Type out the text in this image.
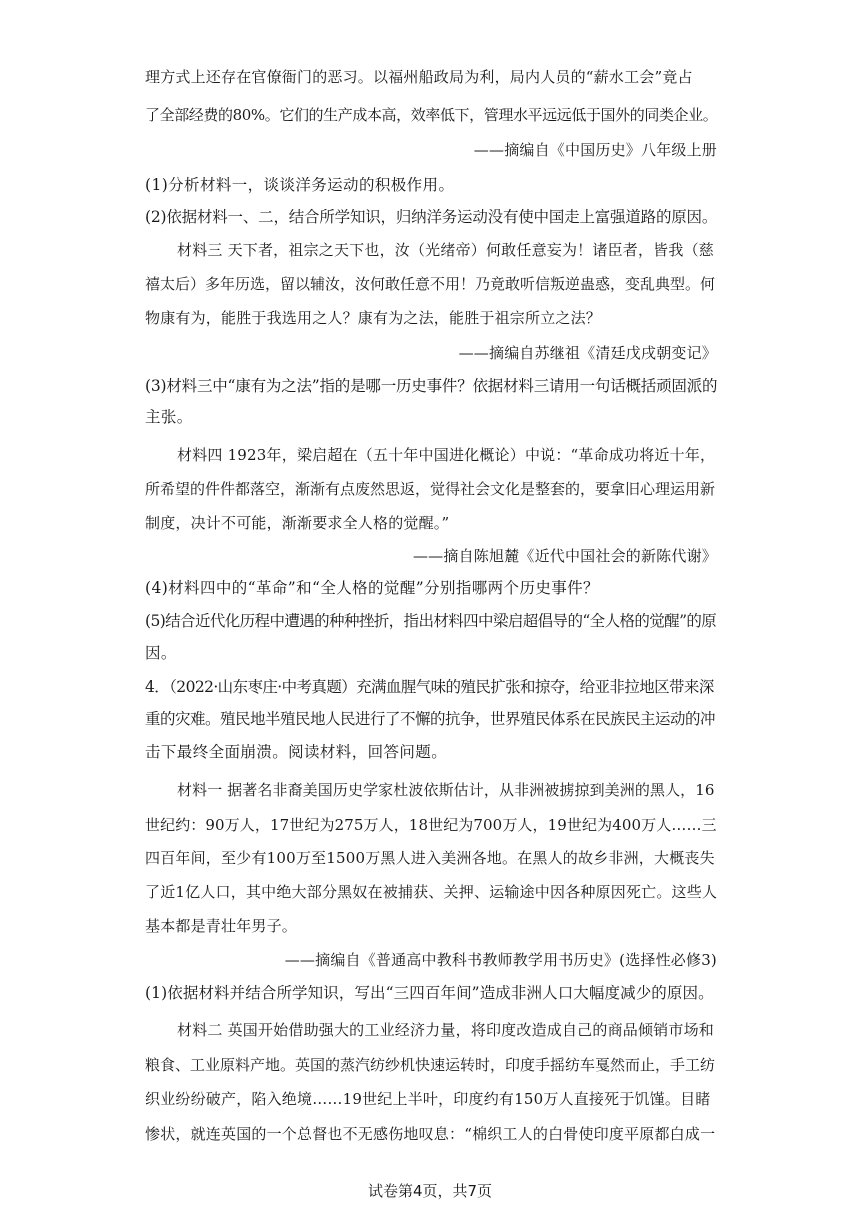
理方式上还存在官僚衙门的恶习。以福州船政局为利，局内人员的“薪水工会”竟占
了全部经费的80%。它们的生产成本高，效率低下，管理水平远远低于国外的同类企业。
——摘编自《中国历史》八年级上册
(1)分析材料一，谈谈洋务运动的积极作用。
(2)依据材料一、二，结合所学知识，归纳洋务运动没有使中国走上富强道路的原因。
材料三 天下者，祖宗之天下也，汝（光绪帝）何敢任意妄为！诸臣者，皆我（慈
禧太后）多年历选，留以辅汝，汝何敢任意不用！乃竟敢听信叛逆蛊惑，变乱典型。何
物康有为，能胜于我选用之人？康有为之法，能胜于祖宗所立之法？
——摘编自苏继祖《清廷戊戌朝变记》
(3)材料三中“康有为之法”指的是哪一历史事件？依据材料三请用一句话概括顽固派的
主张。
材料四 1923年，梁启超在（五十年中国进化概论）中说：“革命成功将近十年，
所希望的件件都落空，渐渐有点废然思返，觉得社会文化是整套的，要拿旧心理运用新
制度，决计不可能，渐渐要求全人格的觉醒。”
——摘自陈旭麓《近代中国社会的新陈代谢》
(4)材料四中的“革命”和“全人格的觉醒”分别指哪两个历史事件？
(5)结合近代化历程中遭遇的种种挫折，指出材料四中梁启超倡导的“全人格的觉醒”的原
因。
4．（2022·山东枣庄·中考真题）充满血腥气味的殖民扩张和掠夺，给亚非拉地区带来深
重的灾难。殖民地半殖民地人民进行了不懈的抗争，世界殖民体系在民族民主运动的冲
击下最终全面崩溃。阅读材料，回答问题。
材料一 据著名非裔美国历史学家杜波依斯估计，从非洲被掳掠到美洲的黑人，16
世纪约：90万人，17世纪为275万人，18世纪为700万人，19世纪为400万人……三
四百年间，至少有100万至1500万黑人进入美洲各地。在黑人的故乡非洲，大概丧失
了近1亿人口，其中绝大部分黑奴在被捕获、关押、运输途中因各种原因死亡。这些人
基本都是青壮年男子。
——摘编自《普通高中教科书教师教学用书历史》(选择性必修3)
(1)依据材料并结合所学知识，写出“三四百年间”造成非洲人口大幅度减少的原因。
材料二 英国开始借助强大的工业经济力量，将印度改造成自己的商品倾销市场和
粮食、工业原料产地。英国的蒸汽纺纱机快速运转时，印度手摇纺车戛然而止，手工纺
织业纷纷破产，陷入绝境……19世纪上半叶，印度约有150万人直接死于饥馑。目睹
惨状，就连英国的一个总督也不无感伤地叹息：“棉织工人的白骨使印度平原都白成一
试卷第4页，共7页
